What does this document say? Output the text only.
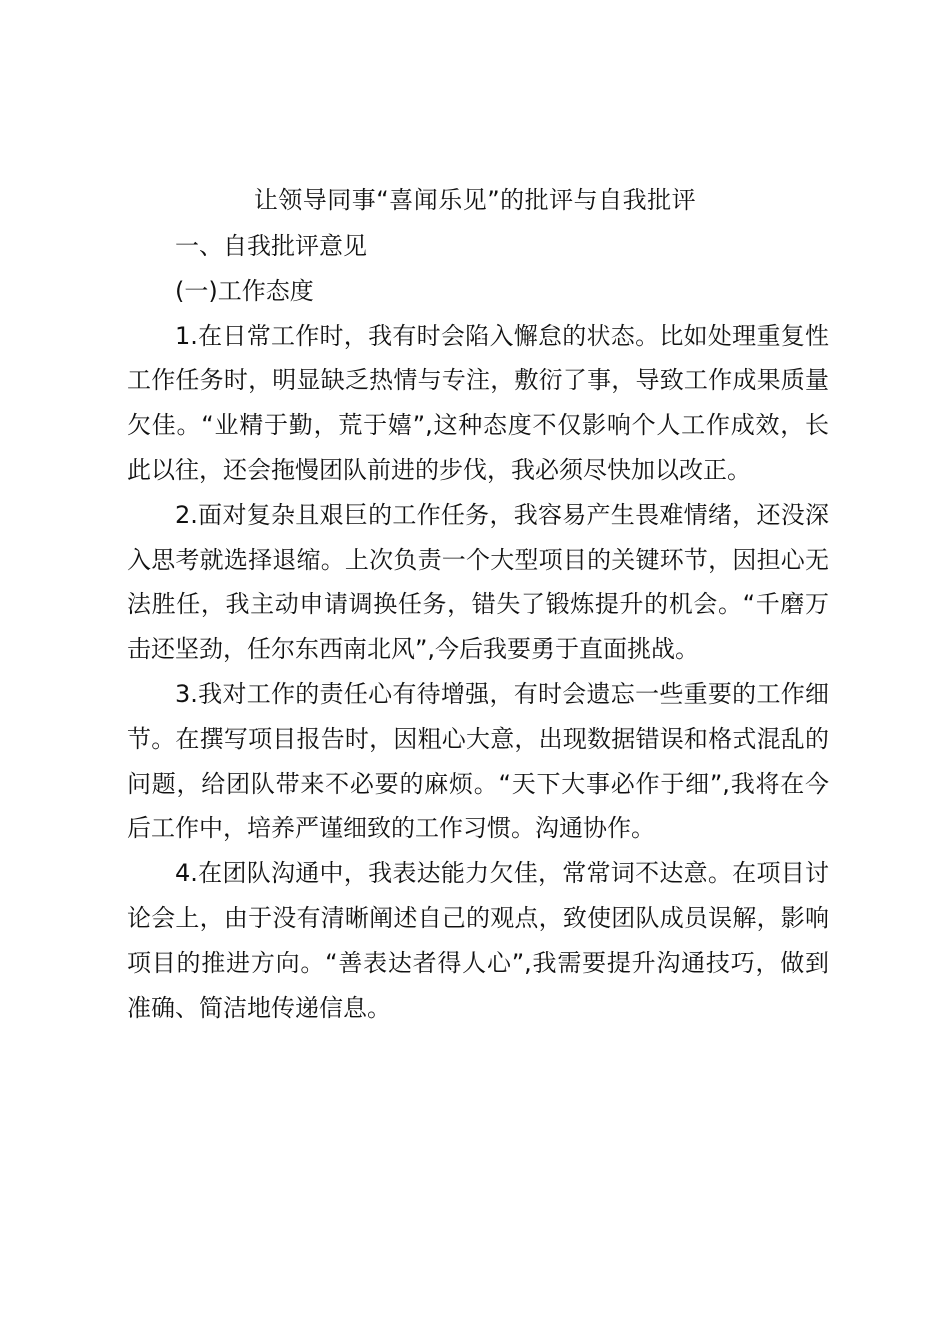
让领导同事“喜闻乐见”的批评与自我批评

一、自我批评意见

(一)工作态度

1.在日常工作时，我有时会陷入懈怠的状态。比如处理重复性工作任务时，明显缺乏热情与专注，敷衍了事，导致工作成果质量欠佳。“业精于勤，荒于嬉”,这种态度不仅影响个人工作成效，长此以往，还会拖慢团队前进的步伐，我必须尽快加以改正。

2.面对复杂且艰巨的工作任务，我容易产生畏难情绪，还没深入思考就选择退缩。上次负责一个大型项目的关键环节，因担心无法胜任，我主动申请调换任务，错失了锻炼提升的机会。“千磨万击还坚劲，任尔东西南北风”,今后我要勇于直面挑战。

3.我对工作的责任心有待增强，有时会遗忘一些重要的工作细节。在撰写项目报告时，因粗心大意，出现数据错误和格式混乱的问题，给团队带来不必要的麻烦。“天下大事必作于细”,我将在今后工作中，培养严谨细致的工作习惯。沟通协作。

4.在团队沟通中，我表达能力欠佳，常常词不达意。在项目讨论会上，由于没有清晰阐述自己的观点，致使团队成员误解，影响项目的推进方向。“善表达者得人心”,我需要提升沟通技巧，做到准确、简洁地传递信息。
